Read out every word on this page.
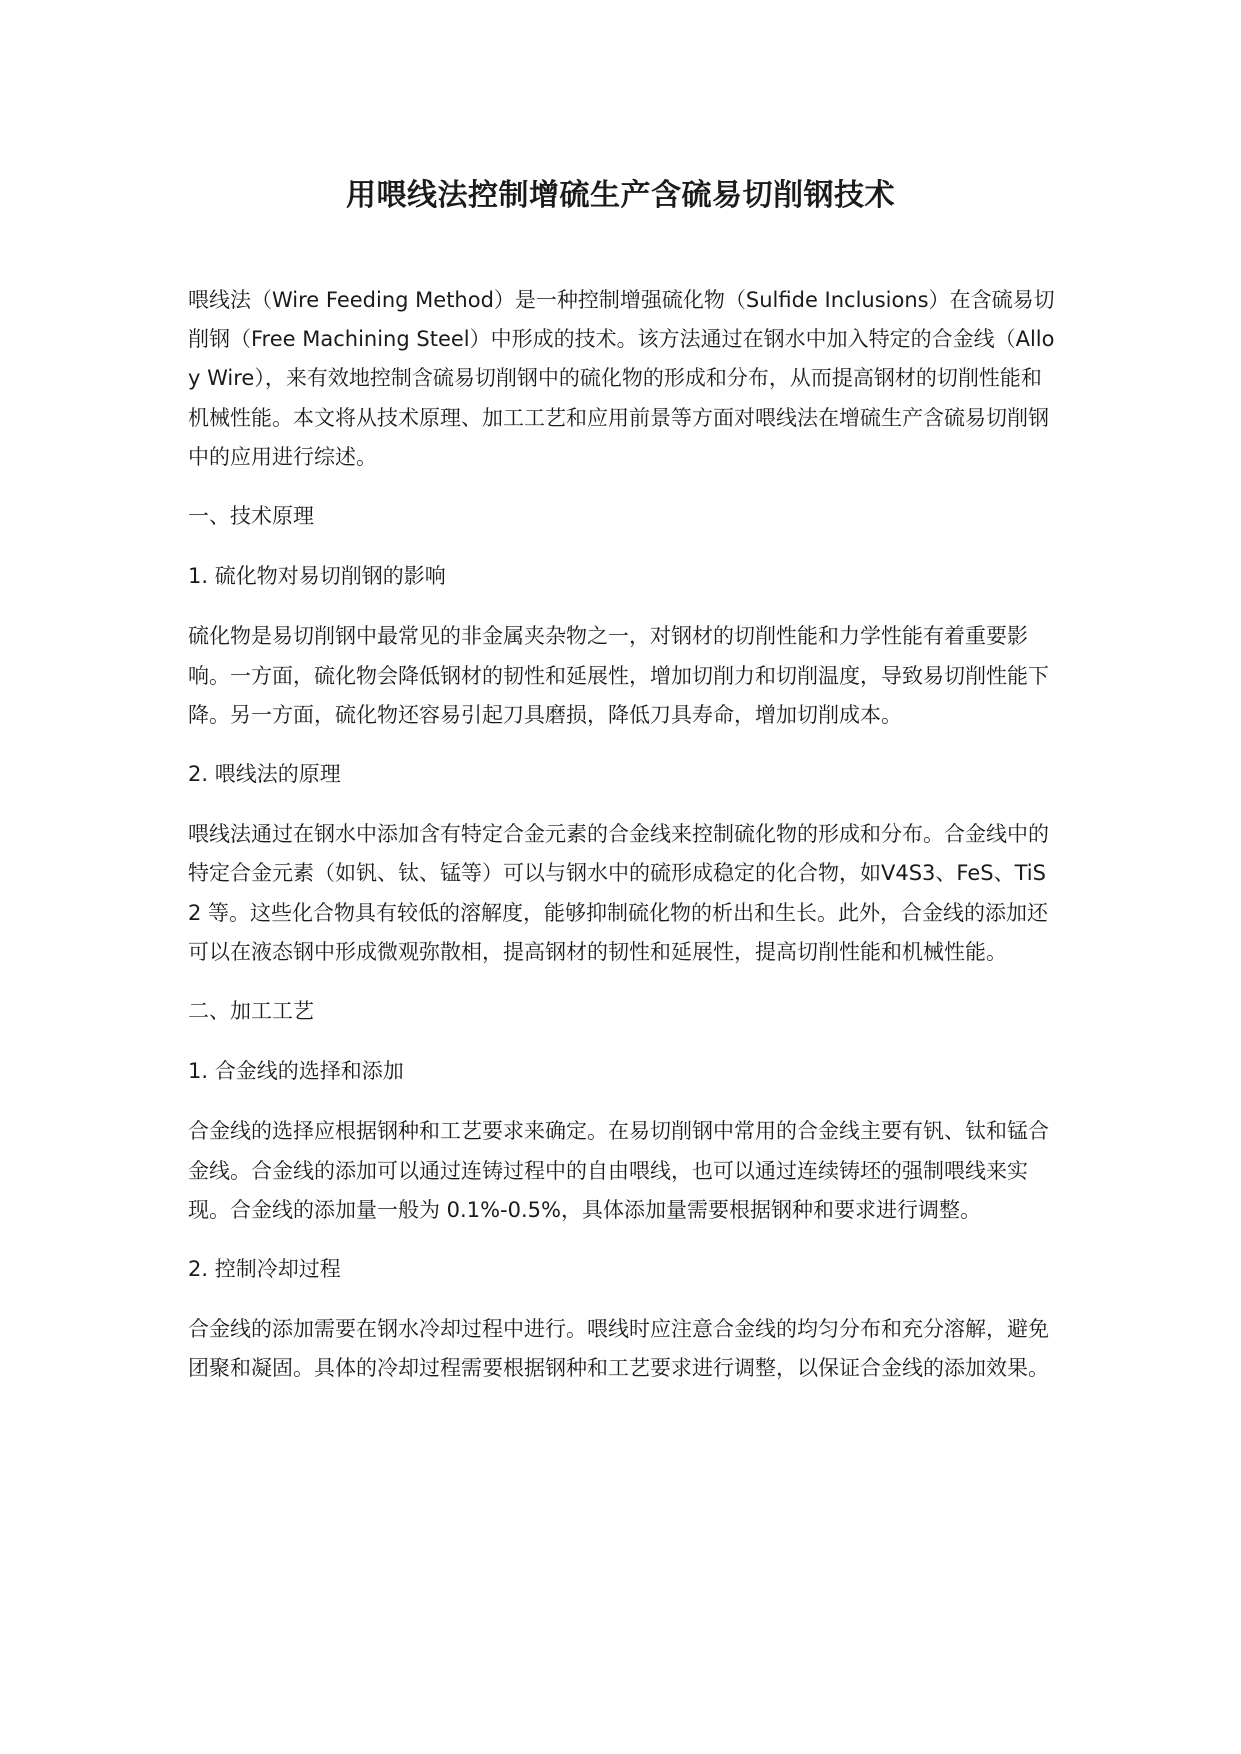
用喂线法控制增硫生产含硫易切削钢技术

喂线法（Wire Feeding Method）是一种控制增强硫化物（Sulfide Inclusions）在含硫易切削钢（Free Machining Steel）中形成的技术。该方法通过在钢水中加入特定的合金线（Alloy Wire），来有效地控制含硫易切削钢中的硫化物的形成和分布，从而提高钢材的切削性能和机械性能。本文将从技术原理、加工工艺和应用前景等方面对喂线法在增硫生产含硫易切削钢中的应用进行综述。

一、技术原理

1. 硫化物对易切削钢的影响

硫化物是易切削钢中最常见的非金属夹杂物之一，对钢材的切削性能和力学性能有着重要影响。一方面，硫化物会降低钢材的韧性和延展性，增加切削力和切削温度，导致易切削性能下降。另一方面，硫化物还容易引起刀具磨损，降低刀具寿命，增加切削成本。

2. 喂线法的原理

喂线法通过在钢水中添加含有特定合金元素的合金线来控制硫化物的形成和分布。合金线中的特定合金元素（如钒、钛、锰等）可以与钢水中的硫形成稳定的化合物，如V4S3、FeS、TiS2 等。这些化合物具有较低的溶解度，能够抑制硫化物的析出和生长。此外，合金线的添加还可以在液态钢中形成微观弥散相，提高钢材的韧性和延展性，提高切削性能和机械性能。

二、加工工艺

1. 合金线的选择和添加

合金线的选择应根据钢种和工艺要求来确定。在易切削钢中常用的合金线主要有钒、钛和锰合金线。合金线的添加可以通过连铸过程中的自由喂线，也可以通过连续铸坯的强制喂线来实现。合金线的添加量一般为 0.1%-0.5%，具体添加量需要根据钢种和要求进行调整。

2. 控制冷却过程

合金线的添加需要在钢水冷却过程中进行。喂线时应注意合金线的均匀分布和充分溶解，避免团聚和凝固。具体的冷却过程需要根据钢种和工艺要求进行调整，以保证合金线的添加效果。
